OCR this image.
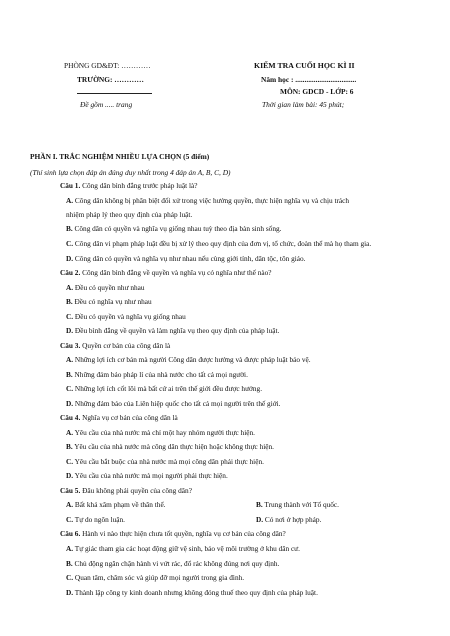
PHÒNG GD&ĐT: …………
TRƯỜNG: …………
Đề gồm ..... trang
KIỂM TRA CUỐI HỌC KÌ II
Năm học : .................................
MÔN: GDCD - LỚP: 6
Thời gian làm bài: 45 phút;
PHẦN I. TRẮC NGHIỆM NHIỀU LỰA CHỌN (5 điểm)
(Thí sinh lựa chọn đáp án đúng duy nhất trong 4 đáp án A, B, C, D)
Câu 1. Công dân bình đẳng trước pháp luật là?
A. Công dân không bị phân biệt đối xử trong việc hưởng quyền, thực hiện nghĩa vụ và chịu trách
nhiệm pháp lý theo quy định của pháp luật.
B. Công dân có quyền và nghĩa vụ giống nhau tuỳ theo địa bàn sinh sống.
C. Công dân vi phạm pháp luật đều bị xử lý theo quy định của đơn vị, tổ chức, đoàn thể mà họ tham gia.
D. Công dân có quyền và nghĩa vụ như nhau nếu cùng giới tính, dân tộc, tôn giáo.
Câu 2. Công dân bình đẳng về quyền và nghĩa vụ có nghĩa như thế nào?
A. Đều có quyền như nhau
B. Đều có nghĩa vụ như nhau
C. Đều có quyền và nghĩa vụ giống nhau
D. Đều bình đẳng về quyền và làm nghĩa vụ theo quy định của pháp luật.
Câu 3. Quyền cơ bản của công dân là
A. Những lợi ích cơ bản mà người Công dân được hưởng và được pháp luật bảo vệ.
B. Những đảm bảo pháp lí của nhà nước cho tất cả mọi người.
C. Những lợi ích cốt lõi mà bất cứ ai trên thế giới đều được hưởng.
D. Những đảm bảo của Liên hiệp quốc cho tất cả mọi người trên thế giới.
Câu 4. Nghĩa vụ cơ bản của công dân là
A. Yêu cầu của nhà nước mà chỉ một hay nhóm người thực hiện.
B. Yêu cầu của nhà nước mà công dân thực hiện hoặc không thực hiện.
C. Yêu cầu bắt buộc của nhà nước mà mọi công dân phải thực hiện.
D. Yêu cầu của nhà nước mà mọi người phải thực hiện.
Câu 5. Đâu không phải quyền của công dân?
A. Bất khả xâm phạm về thân thể.	B. Trung thành với Tổ quốc.
C. Tự do ngôn luận.	D. Có nơi ở hợp pháp.
Câu 6. Hành vi nào thực hiện chưa tốt quyền, nghĩa vụ cơ bản của công dân?
A. Tự giác tham gia các hoạt động giữ vệ sinh, bảo vệ môi trường ở khu dân cư.
B. Chủ động ngăn chặn hành vi vứt rác, đổ rác không đúng nơi quy định.
C. Quan tâm, chăm sóc và giúp đỡ mọi người trong gia đình.
D. Thành lập công ty kinh doanh nhưng không đóng thuế theo quy định của pháp luật.
